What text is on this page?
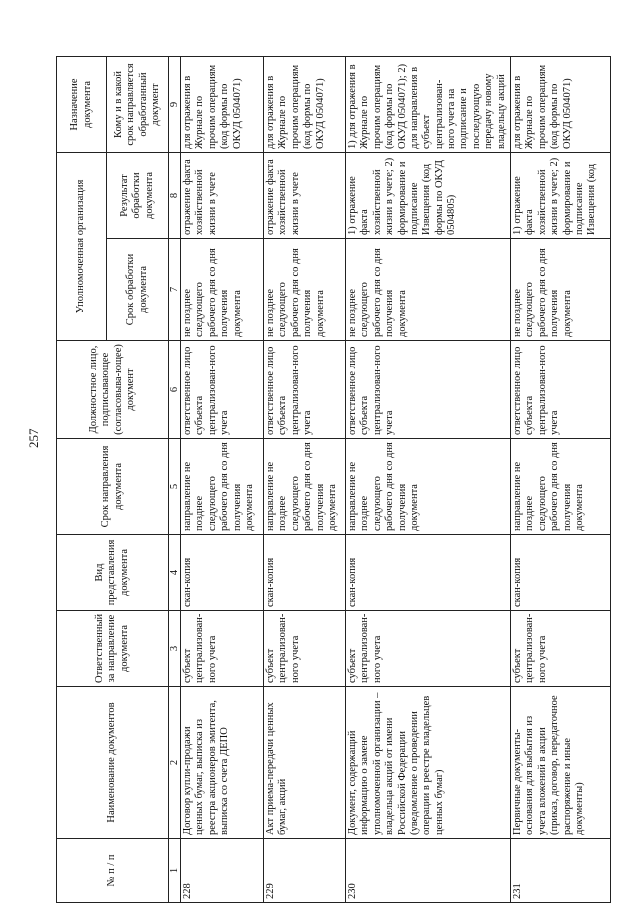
257
№ п / п	Наименование документов	Ответственный за направление документа	Вид представления документа	Срок направления документа	Должностное лицо, подписывающее (согласовыва-ющее) документ	Уполномоченная организация		Назначение документа
						Срок обработки документа	Результат обработки документа	Кому и в какой срок направляется обработанный документ
1	2	3	4	5	6	7	8	9
228	Договор купли-продажи ценных бумаг, выписка из реестра акционеров эмитента, выписка со счета ДЕПО	субъект централизован-ного учета	скан-копия	направление не позднее следующего рабочего дня со дня получения документа	ответственное лицо субъекта централизован-ного учета	не позднее следующего рабочего дня со дня получения документа	отражение факта хозяйственной жизни в учете	для отражения в Журнале по прочим операциям (код формы по ОКУД 0504071)
229	Акт приема-передачи ценных бумаг, акций	субъект централизован-ного учета	скан-копия	направление не позднее следующего рабочего дня со дня получения документа	ответственное лицо субъекта централизован-ного учета	не позднее следующего рабочего дня со дня получения документа	отражение факта хозяйственной жизни в учете	для отражения в Журнале по прочим операциям (код формы по ОКУД 0504071)
230	Документ, содержащий информацию о замене уполномоченной организации – владельца акций от имени Российской Федерации (уведомление о проведении операции в реестре владельцев ценных бумаг)	субъект централизован-ного учета	скан-копия	направление не позднее следующего рабочего дня со дня получения документа	ответственное лицо субъекта централизован-ного учета	не позднее следующего рабочего дня со дня получения документа	1) отражение факта хозяйственной жизни в учете; 2) формирование и подписание Извещения (код формы по ОКУД 0504805)	1) для отражения в Журнале по прочим операциям (код формы по ОКУД 0504071); 2) для направления в субъект централизован-ного учета на подписание и последующую передачу новому владельцу акций
231	Первичные документы-основания для выбытия из учета вложений в акции (приказ, договор, передаточное распоряжение и иные документы)	субъект централизован-ного учета	скан-копия	направление не позднее следующего рабочего дня со дня получения документа	ответственное лицо субъекта централизован-ного учета	не позднее следующего рабочего дня со дня получения документа	1) отражение факта хозяйственной жизни в учете; 2) формирование и подписание Извещения (код	для отражения в Журнале по прочим операциям (код формы по ОКУД 0504071)
